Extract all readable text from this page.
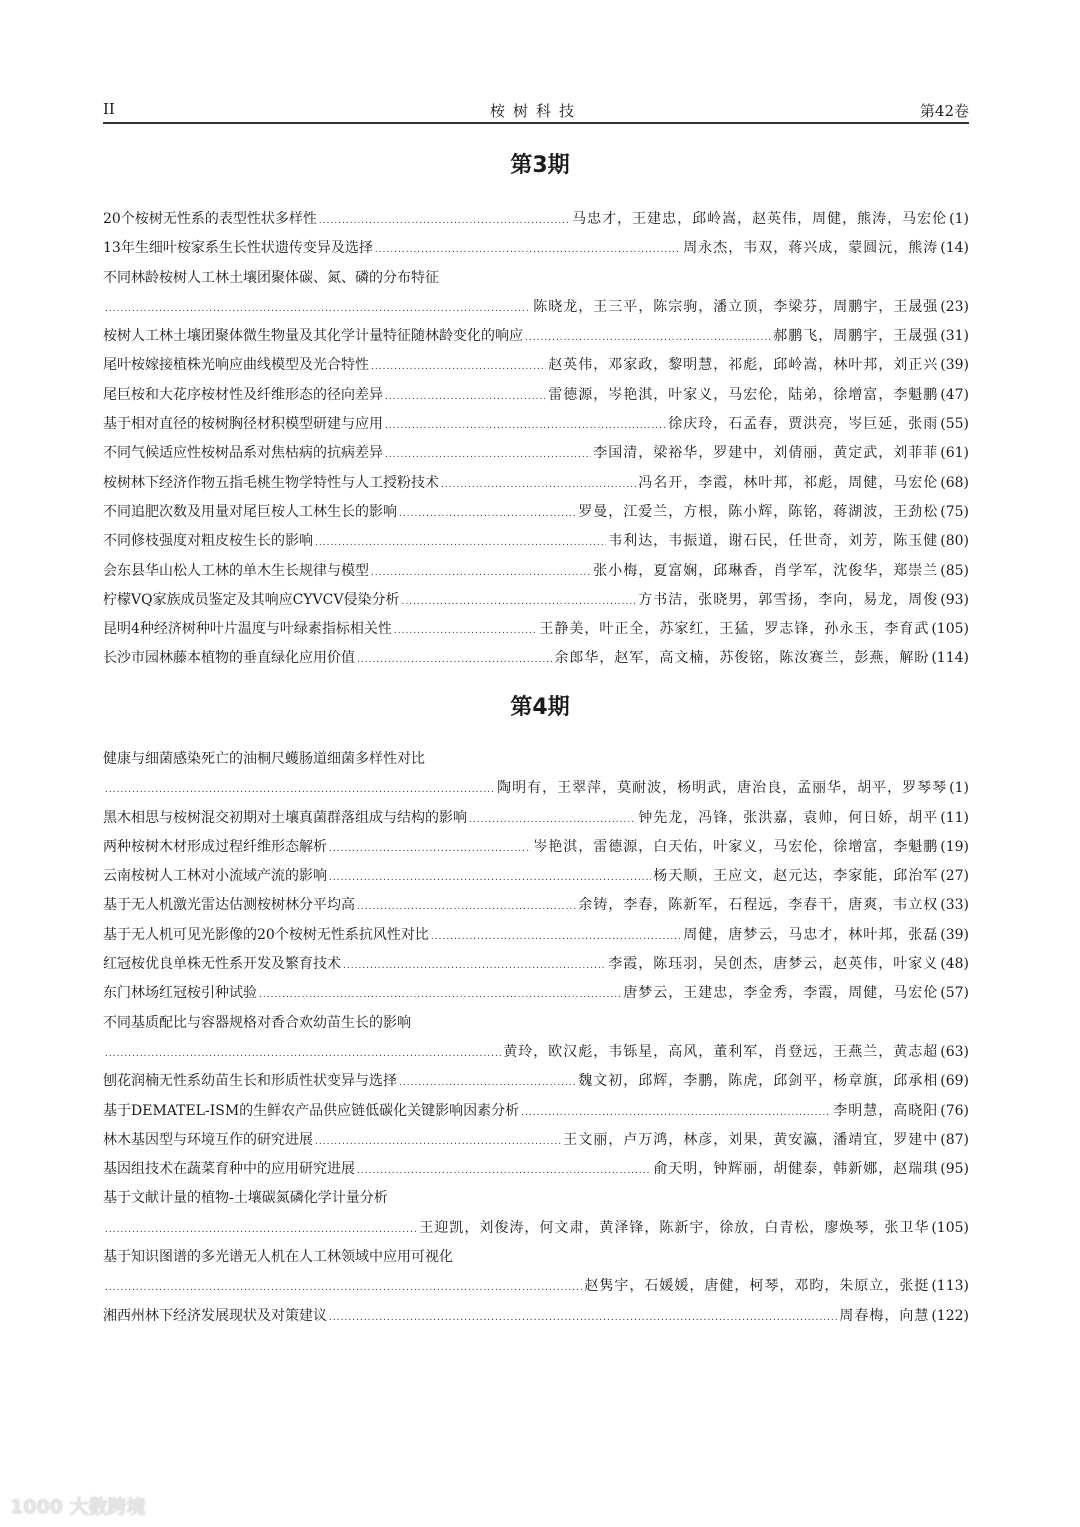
II	桉树科技	第42卷
第3期
20个桉树无性系的表型性状多样性 .....	马忠才，王建忠，邱岭嵩，赵英伟，周健，熊涛，马宏伦 (1)
13年生细叶桉家系生长性状遗传变异及选择 .....	周永杰，韦双，蒋兴成，蒙圆沅，熊涛 (14)
不同林龄桉树人工林土壤团聚体碳、氮、磷的分布特征
.....
陈晓龙，王三平，陈宗驹，潘立顶，李梁芬，周鹏宇，王晟强 (23)
桉树人工林土壤团聚体微生物量及其化学计量特征随林龄变化的响应 .....	郝鹏飞，周鹏宇，王晟强 (31)
尾叶桉嫁接植株光响应曲线模型及光合特性 .....	赵英伟，邓家政，黎明慧，祁彪，邱岭嵩，林叶邦，刘正兴 (39)
尾巨桉和大花序桉材性及纤维形态的径向差异 .....	雷德源，岑艳淇，叶家义，马宏伦，陆弟，徐增富，李魁鹏 (47)
基于相对直径的桉树胸径材积模型研建与应用 .....	徐庆玲，石孟春，贾洪亮，岑巨延，张雨 (55)
不同气候适应性桉树品系对焦枯病的抗病差异 .....	李国清，梁裕华，罗建中，刘倩丽，黄定武，刘菲菲 (61)
桉树林下经济作物五指毛桃生物学特性与人工授粉技术 .....	冯名开，李霞，林叶邦，祁彪，周健，马宏伦 (68)
不同追肥次数及用量对尾巨桉人工林生长的影响 .....	罗曼，江爱兰，方根，陈小辉，陈铭，蒋湖波，王劲松 (75)
不同修枝强度对粗皮桉生长的影响 .....	韦利达，韦振道，谢石民，任世奇，刘芳，陈玉健 (80)
会东县华山松人工林的单木生长规律与模型 .....	张小梅，夏富娴，邱琳香，肖学军，沈俊华，郑崇兰 (85)
柠檬VQ家族成员鉴定及其响应CYVCV侵染分析 .....	方书洁，张晓男，郭雪扬，李向，易龙，周俊 (93)
昆明4种经济树种叶片温度与叶绿素指标相关性 .....	王静美，叶正全，苏家红，王猛，罗志锋，孙永玉，李育武 (105)
长沙市园林藤本植物的垂直绿化应用价值 .....	余郎华，赵军，高文楠，苏俊铭，陈汝赛兰，彭燕，解盼 (114)
第4期
健康与细菌感染死亡的油桐尺蠖肠道细菌多样性对比
.....
陶明有，王翠萍，莫耐波，杨明武，唐治良，孟丽华，胡平，罗琴琴 (1)
黑木相思与桉树混交初期对土壤真菌群落组成与结构的影响 .....	钟先龙，冯锋，张洪嘉，袁帅，何日娇，胡平 (11)
两种桉树木材形成过程纤维形态解析 .....	岑艳淇，雷德源，白天佑，叶家义，马宏伦，徐增富，李魁鹏 (19)
云南桉树人工林对小流域产流的影响 .....	杨天顺，王应文，赵元达，李家能，邱治军 (27)
基于无人机激光雷达估测桉树林分平均高 .....	余铸，李春，陈新军，石程远，李春干，唐爽，韦立权 (33)
基于无人机可见光影像的20个桉树无性系抗风性对比 .....	周健，唐梦云，马忠才，林叶邦，张磊 (39)
红冠桉优良单株无性系开发及繁育技术 .....	李霞，陈珏羽，吴创杰，唐梦云，赵英伟，叶家义 (48)
东门林场红冠桉引种试验 .....	唐梦云，王建忠，李金秀，李霞，周健，马宏伦 (57)
不同基质配比与容器规格对香合欢幼苗生长的影响
.....
黄玲，欧汉彪，韦铄星，高风，董利军，肖登远，王燕兰，黄志超 (63)
刨花润楠无性系幼苗生长和形质性状变异与选择 .....	魏文初，邱辉，李鹏，陈虎，邱剑平，杨章旗，邱承相 (69)
基于DEMATEL-ISM的生鲜农产品供应链低碳化关键影响因素分析 .....	李明慧，高晓阳 (76)
林木基因型与环境互作的研究进展 .....	王文丽，卢万鸿，林彦，刘果，黄安瀛，潘靖宜，罗建中 (87)
基因组技术在蔬菜育种中的应用研究进展 .....	俞天明，钟辉丽，胡健泰，韩新娜，赵瑞琪 (95)
基于文献计量的植物-土壤碳氮磷化学计量分析
.....
王迎凯，刘俊涛，何文肃，黄泽锋，陈新宇，徐放，白青松，廖焕琴，张卫华 (105)
基于知识图谱的多光谱无人机在人工林领域中应用可视化
.....
赵隽宇，石媛媛，唐健，柯琴，邓昀，朱原立，张挺 (113)
湘西州林下经济发展现状及对策建议 .....	周春梅，向慧 (122)
1000 大数跨境
